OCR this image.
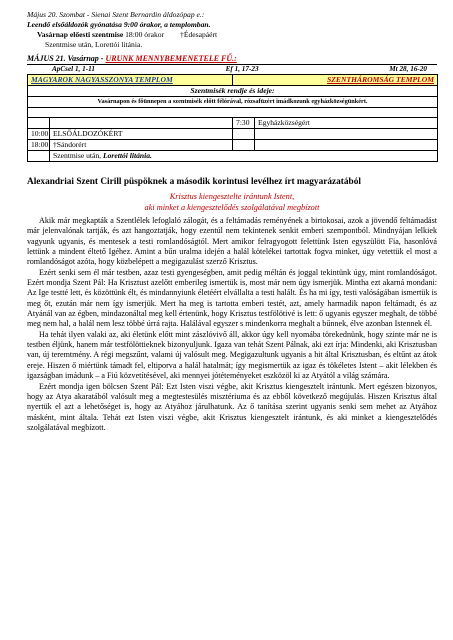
Május 20. Szombat - Sienai Szent Bernardin áldozópap e.:
Leendő elsőáldozók gyónatása 9:00 órakor, a templomban.
Vasárnap előesti szentmise 18:00 órakor †Édesapáért
Szentmise után, Lorettói litánia.
MÁJUS 21. Vasárnap - URUNK MENNYBEMENETELE FŰ.:
ApCsel 1, 1-11	Ef 1, 17-23	Mt 28, 16-20
MAGYAROK NAGYASSZONYA TEMPLOM		SZENTHÁROMSÁG TEMPLOM	
Szentmisék rendje és ideje:			
Vasárnapon és főünnepen a szentmisék előtt félórával, rózsafüzért imádkozunk egyházközségünkért.			

		7:30	Egyházközségért
10:00	ELSŐÁLDOZÓKÉRT		
18:00	†Sándorért		
	Szentmise után, Lorettói litánia.		
Alexandriai Szent Cirill püspöknek a második korintusi levélhez írt magyarázatából
Krisztus kiengesztelte irántunk Istent,
aki minket a kiengesztelődés szolgálatával megbízott

Akik már megkapták a Szentlélek lefoglaló zálogát, és a feltámadás reményének a birtokosai, azok a jövendő feltámadást már jelenvalónak tartják, és azt hangoztatják, hogy ezentúl nem tekintenek senkit emberi szempontból. Mindnyájan lelkiek vagyunk ugyanis, és mentesek a testi romlandóságtól. Mert amikor felragyogott felettünk Isten egyszülött Fia, hasonlóvá lettünk a mindent éltető Igéhez. Amint a bűn uralma idején a halál kötelékei tartottak fogva minket, úgy vetettük el most a romlandóságot azóta, hogy közbelépett a megigazulást szerző Krisztus.

Ezért senki sem él már testben, azaz testi gyengeségben, amit pedig méltán és joggal tekintünk úgy, mint romlandóságot. Ezért mondja Szent Pál: Ha Krisztust azelőtt emberileg ismertük is, most már nem úgy ismerjük. Mintha ezt akarná mondani: Az Ige testté lett, és közöttünk élt, és mindannyiunk életéért elvállalta a testi halált. És ha mi így, testi valóságában ismertük is meg őt, ezután már nem így ismerjük. Mert ha meg is tartotta emberi testét, azt, amely harmadik napon feltámadt, és az Atyánál van az égben, mindazonáltal meg kell értenünk, hogy Krisztus testfölötivé is lett: ő ugyanis egyszer meghalt, de többé meg nem hal, a halál nem lesz többé úrrá rajta. Halálával egyszer s mindenkorra meghalt a bűnnek, élve azonban Istennek él.

Ha tehát ilyen valaki az, aki életünk előtt mint zászlóvivő áll, akkor úgy kell nyomába törekednünk, hogy szinte már ne is testben éljünk, hanem már testfölöttieknek bizonyuljunk. Igaza van tehát Szent Pálnak, aki ezt írja: Mindenki, aki Krisztusban van, új teremtmény. A régi megszűnt, valami új valósult meg. Megigazultunk ugyanis a hit által Krisztusban, és eltűnt az átok ereje. Hiszen ő miértünk támadt fel, eltiporva a halál hatalmát; így megismertük az igaz és tökéletes Istent – akit lélekben és igazságban imádunk – a Fiú közvetítésével, aki mennyei jótéteményeket eszközöl ki az Atyától a világ számára.

Ezért mondja igen bölcsen Szent Pál: Ezt Isten viszi végbe, akit Krisztus kiengesztelt irántunk. Mert egészen bizonyos, hogy az Atya akaratából valósult meg a megtestesülés misztériuma és az ebből következő megújulás. Hiszen Krisztus által nyertük el azt a lehetőséget is, hogy az Atyához járulhatunk. Az ő tanítása szerint ugyanis senki sem mehet az Atyához másként, mint általa. Tehát ezt Isten viszi végbe, akit Krisztus kiengesztelt irántunk, és aki minket a kiengesztelődés szolgálatával megbízott.
